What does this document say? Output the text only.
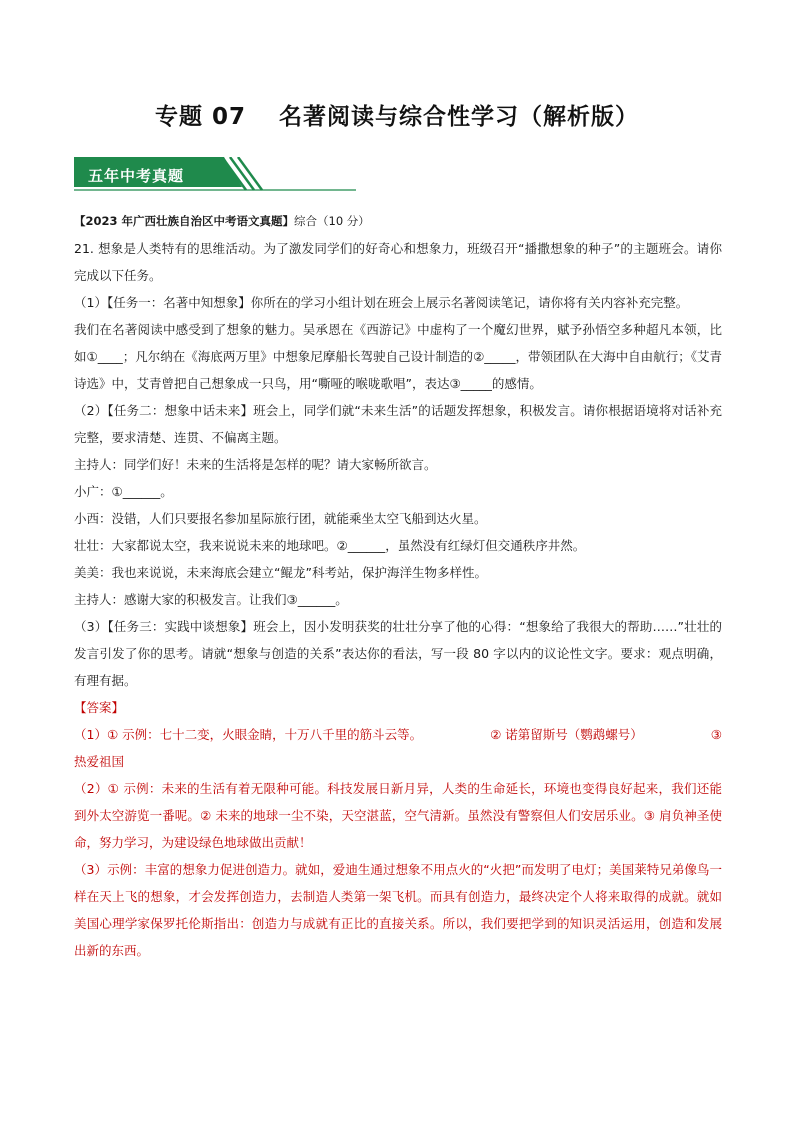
专题 07　 名著阅读与综合性学习（解析版）
五年中考真题

【2023 年广西壮族自治区中考语文真题】综合（10 分）

21. 想象是人类特有的思维活动。为了激发同学们的好奇心和想象力，班级召开“播撒想象的种子”的主题班会。请你完成以下任务。

（1）【任务一：名著中知想象】你所在的学习小组计划在班会上展示名著阅读笔记，请你将有关内容补充完整。

我们在名著阅读中感受到了想象的魅力。吴承恩在《西游记》中虚构了一个魔幻世界，赋予孙悟空多种超凡本领，比如①____；凡尔纳在《海底两万里》中想象尼摩船长驾驶自己设计制造的②_____，带领团队在大海中自由航行；《艾青诗选》中，艾青曾把自己想象成一只鸟，用“嘶哑的喉咙歌唱”，表达③_____的感情。

（2）【任务二：想象中话未来】班会上，同学们就“未来生活”的话题发挥想象，积极发言。请你根据语境将对话补充完整，要求清楚、连贯、不偏离主题。

主持人：同学们好！未来的生活将是怎样的呢？请大家畅所欲言。

小广：①______。

小西：没错，人们只要报名参加星际旅行团，就能乘坐太空飞船到达火星。

壮壮：大家都说太空，我来说说未来的地球吧。②______，虽然没有红绿灯但交通秩序井然。

美美：我也来说说，未来海底会建立“鲲龙”科考站，保护海洋生物多样性。

主持人：感谢大家的积极发言。让我们③______。

（3）【任务三：实践中谈想象】班会上，因小发明获奖的壮壮分享了他的心得：“想象给了我很大的帮助……”壮壮的发言引发了你的思考。请就“想象与创造的关系”表达你的看法，写一段 80 字以内的议论性文字。要求：观点明确，有理有据。

【答案】

（1）① 示例：七十二变，火眼金睛，十万八千里的筋斗云等。	② 诺第留斯号（鹦鹉螺号）	③

热爱祖国

（2）① 示例：未来的生活有着无限种可能。科技发展日新月异，人类的生命延长，环境也变得良好起来，我们还能到外太空游览一番呢。② 未来的地球一尘不染，天空湛蓝，空气清新。虽然没有警察但人们安居乐业。③ 肩负神圣使命，努力学习，为建设绿色地球做出贡献！

（3）示例：丰富的想象力促进创造力。就如，爱迪生通过想象不用点火的“火把”而发明了电灯；美国莱特兄弟像鸟一样在天上飞的想象，才会发挥创造力，去制造人类第一架飞机。而具有创造力，最终决定个人将来取得的成就。就如美国心理学家保罗托伦斯指出：创造力与成就有正比的直接关系。所以，我们要把学到的知识灵活运用，创造和发展出新的东西。
